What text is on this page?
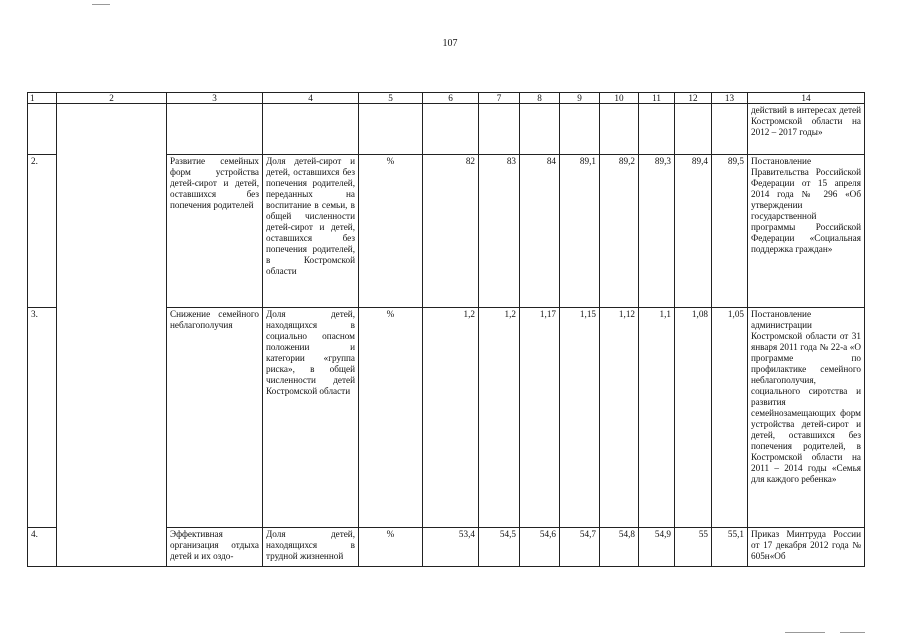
107
1	2	3	4	5	6	7	8	9	10	11	12	13	14
													действий в интересах детей Костромской области на 2012 – 2017 годы»
2.		Развитие семейных форм устройства детей-сирот и детей, оставшихся без попечения родителей	Доля детей-сирот и детей, оставшихся без попечения родителей, переданных на воспитание в семьи, в общей численности детей-сирот и детей, оставшихся без попечения родителей, в Костромской области	%	82	83	84	89,1	89,2	89,3	89,4	89,5	Постановление Правительства Российской Федерации от 15 апреля 2014 года № 296 «Об утверждении государственной программы Российской Федерации «Социальная поддержка граждан»
3.		Снижение семейного неблагополучия	Доля детей, находящихся в социально опасном положении и категории «группа риска», в общей численности детей Костромской области	%	1,2	1,2	1,17	1,15	1,12	1,1	1,08	1,05	Постановление администрации Костромской области от 31 января 2011 года № 22-а «О программе по профилактике семейного неблагополучия, социального сиротства и развития семейнозамещающих форм устройства детей-сирот и детей, оставшихся без попечения родителей, в Костромской области на 2011 – 2014 годы «Семья для каждого ребенка»
4.		Эффективная организация отдыха детей и их оздо-	Доля детей, находящихся в трудной жизненной	%	53,4	54,5	54,6	54,7	54,8	54,9	55	55,1	Приказ Минтруда России от 17 декабря 2012 года № 605н«Об
